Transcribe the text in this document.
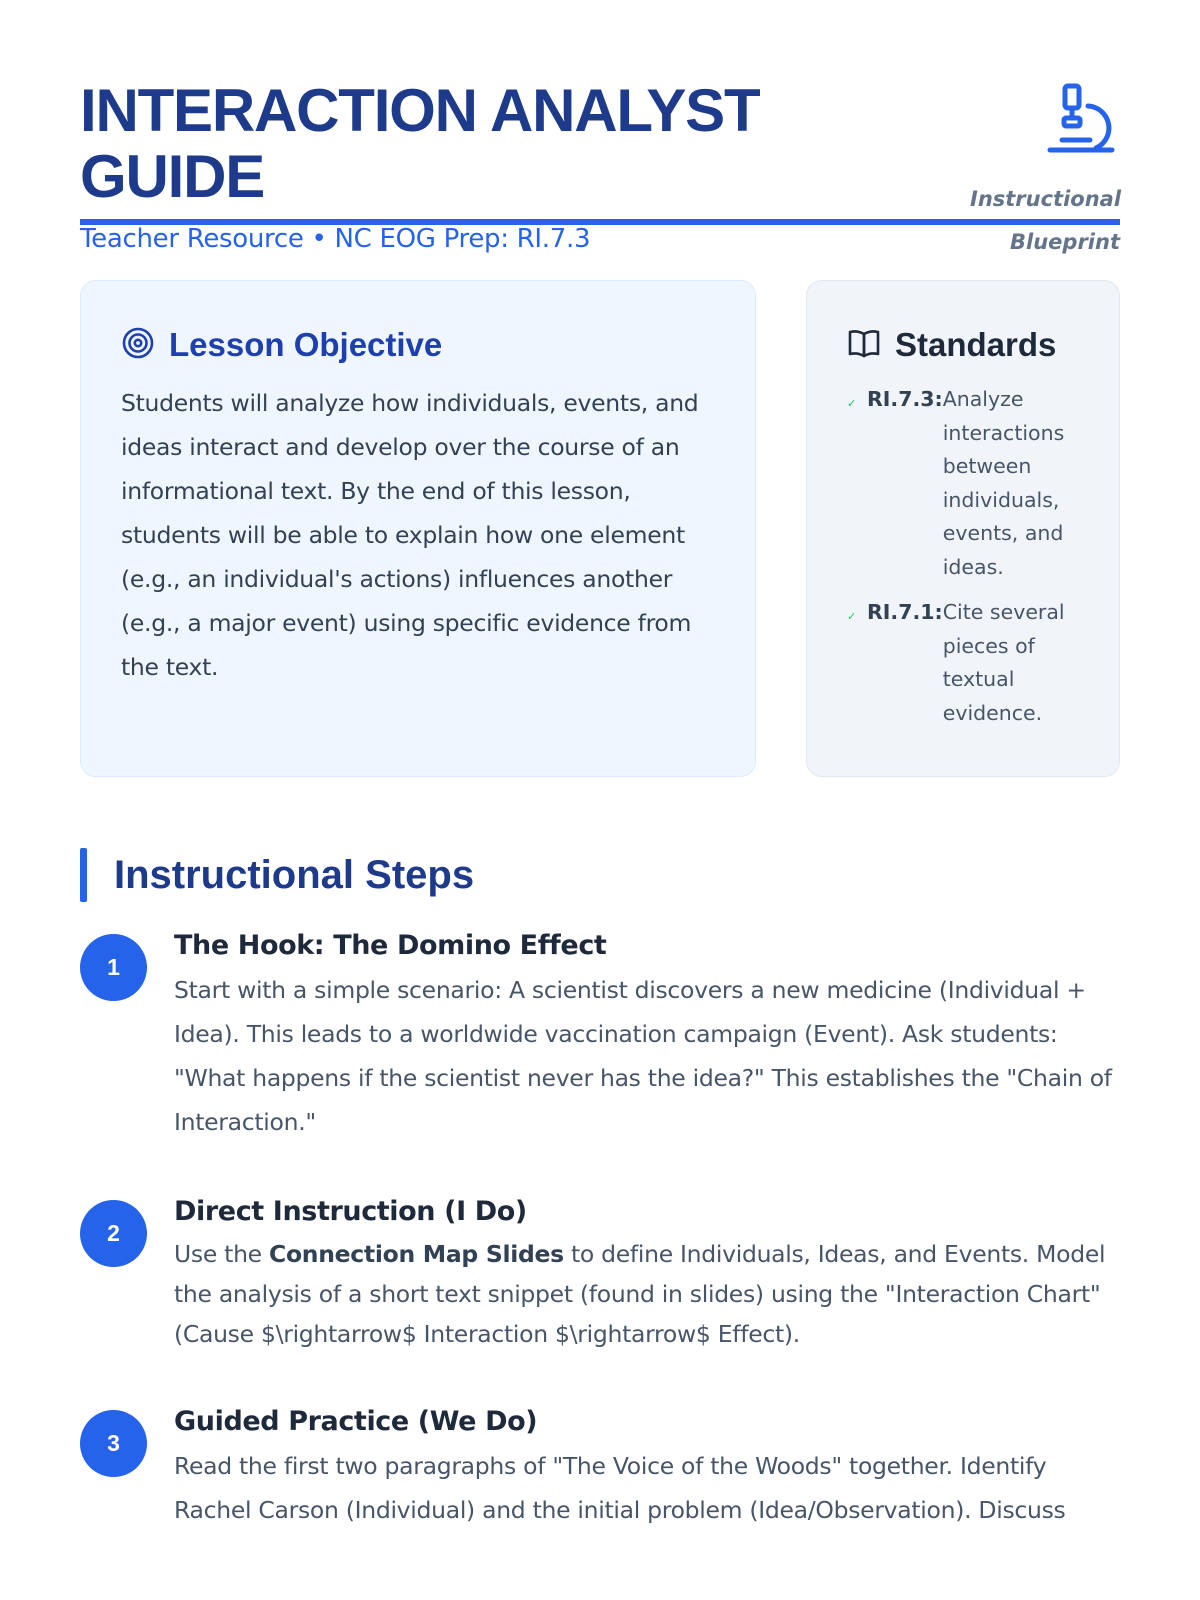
INTERACTION ANALYST GUIDE
Teacher Resource • NC EOG Prep: RI.7.3
Instructional Blueprint
Lesson Objective
Students will analyze how individuals, events, and ideas interact and develop over the course of an informational text. By the end of this lesson, students will be able to explain how one element (e.g., an individual's actions) influences another (e.g., a major event) using specific evidence from the text.
Standards
✓ RI.7.3: Analyze interactions between individuals, events, and ideas.
✓ RI.7.1: Cite several pieces of textual evidence.
Instructional Steps
1
The Hook: The Domino Effect
Start with a simple scenario: A scientist discovers a new medicine (Individual + Idea). This leads to a worldwide vaccination campaign (Event). Ask students: "What happens if the scientist never has the idea?" This establishes the "Chain of Interaction."
2
Direct Instruction (I Do)
Use the Connection Map Slides to define Individuals, Ideas, and Events. Model the analysis of a short text snippet (found in slides) using the "Interaction Chart" (Cause $\rightarrow$ Interaction $\rightarrow$ Effect).
3
Guided Practice (We Do)
Read the first two paragraphs of "The Voice of the Woods" together. Identify Rachel Carson (Individual) and the initial problem (Idea/Observation). Discuss
